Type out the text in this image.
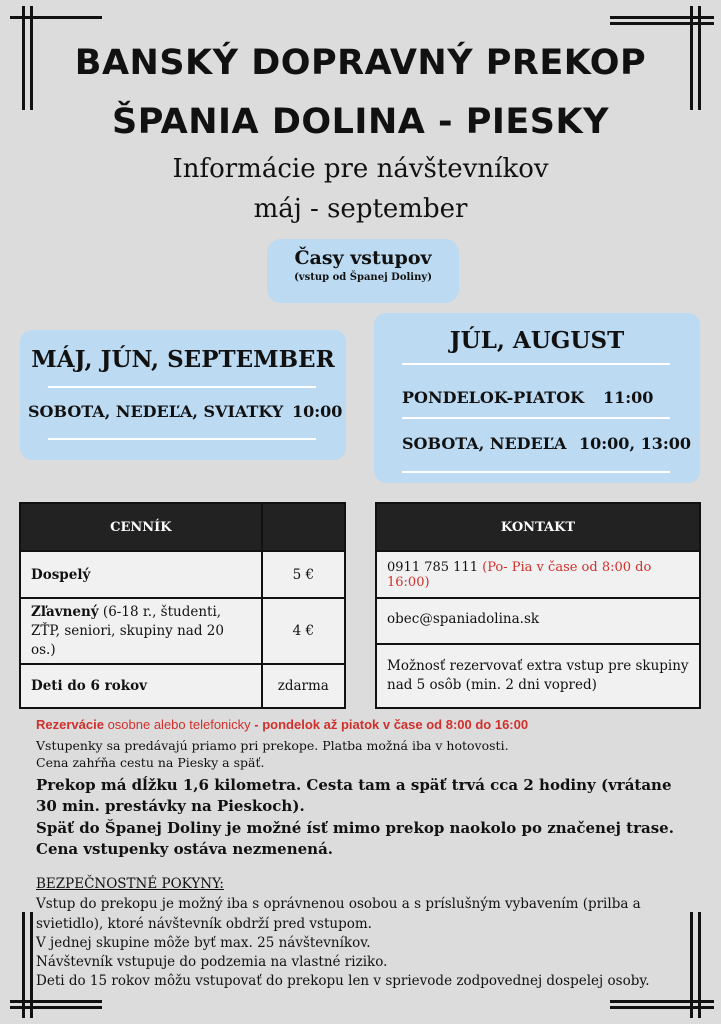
BANSKÝ DOPRAVNÝ PREKOP
ŠPANIA DOLINA - PIESKY
Informácie pre návštevníkov
máj - september
Časy vstupov
(vstup od Španej Doliny)
MÁJ, JÚN, SEPTEMBER
SOBOTA, NEDEĽA, SVIATKY 10:00
JÚL, AUGUST
PONDELOK-PIATOK 11:00
SOBOTA, NEDEĽA 10:00, 13:00
CENNÍK	
Dospelý	5 €
Zľavnený (6-18 r., študenti, ZŤP, seniori, skupiny nad 20 os.)	4 €
Deti do 6 rokov	zdarma
KONTAKT
0911 785 111 (Po- Pia v čase od 8:00 do 16:00)
obec@spaniadolina.sk
Možnosť rezervovať extra vstup pre skupiny nad 5 osôb (min. 2 dni vopred)
Rezervácie osobne alebo telefonicky - pondelok až piatok v čase od 8:00 do 16:00
Vstupenky sa predávajú priamo pri prekope. Platba možná iba v hotovosti.
Cena zahŕňa cestu na Piesky a späť.
Prekop má dĺžku 1,6 kilometra. Cesta tam a späť trvá cca 2 hodiny (vrátane 30 min. prestávky na Pieskoch).
Späť do Španej Doliny je možné ísť mimo prekop naokolo po značenej trase. Cena vstupenky ostáva nezmenená.
BEZPEČNOSTNÉ POKYNY:
Vstup do prekopu je možný iba s oprávnenou osobou a s príslušným vybavením (prilba a svietidlo), ktoré návštevník obdrží pred vstupom.
V jednej skupine môže byť max. 25 návštevníkov.
Návštevník vstupuje do podzemia na vlastné riziko.
Deti do 15 rokov môžu vstupovať do prekopu len v sprievode zodpovednej dospelej osoby.
